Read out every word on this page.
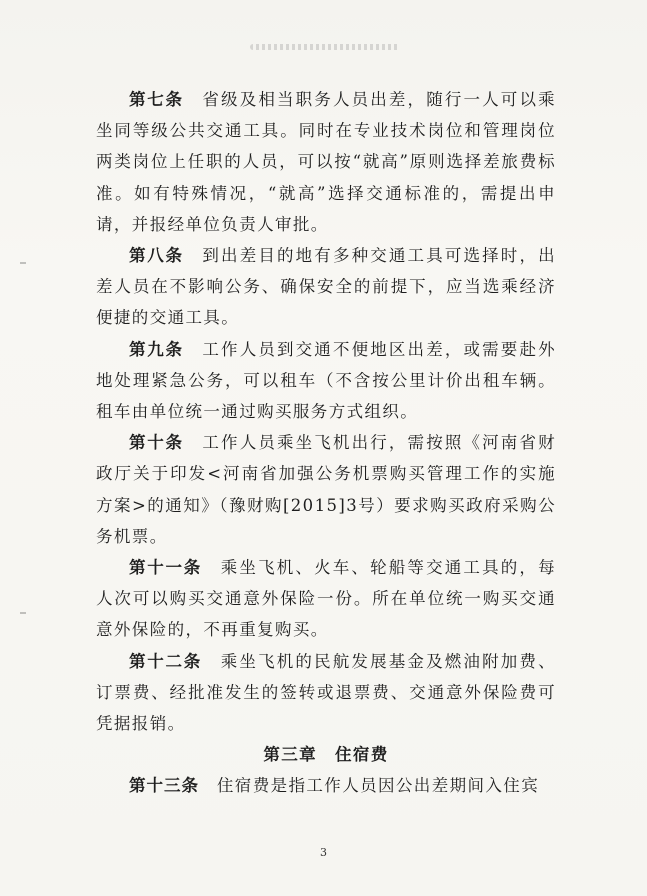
第七条　 省级及相当职务人员出差，随行一人可以乘坐同等级公共交通工具。同时在专业技术岗位和管理岗位两类岗位上任职的人员，可以按“就高”原则选择差旅费标准。如有特殊情况，“就高”选择交通标准的，需提出申请，并报经单位负责人审批。

第八条　 到出差目的地有多种交通工具可选择时，出差人员在不影响公务、确保安全的前提下，应当选乘经济便捷的交通工具。

第九条　 工作人员到交通不便地区出差，或需要赴外地处理紧急公务，可以租车（不含按公里计价出租车辆。租车由单位统一通过购买服务方式组织。

第十条　 工作人员乘坐飞机出行，需按照《河南省财政厅关于印发<河南省加强公务机票购买管理工作的实施方案>的通知》（豫财购[2015]3号）要求购买政府采购公务机票。

第十一条　 乘坐飞机、火车、轮船等交通工具的，每人次可以购买交通意外保险一份。所在单位统一购买交通意外保险的，不再重复购买。

第十二条　 乘坐飞机的民航发展基金及燃油附加费、订票费、经批准发生的签转或退票费、交通意外保险费可凭据报销。

第三章　住宿费

第十三条　 住宿费是指工作人员因公出差期间入住宾

3
